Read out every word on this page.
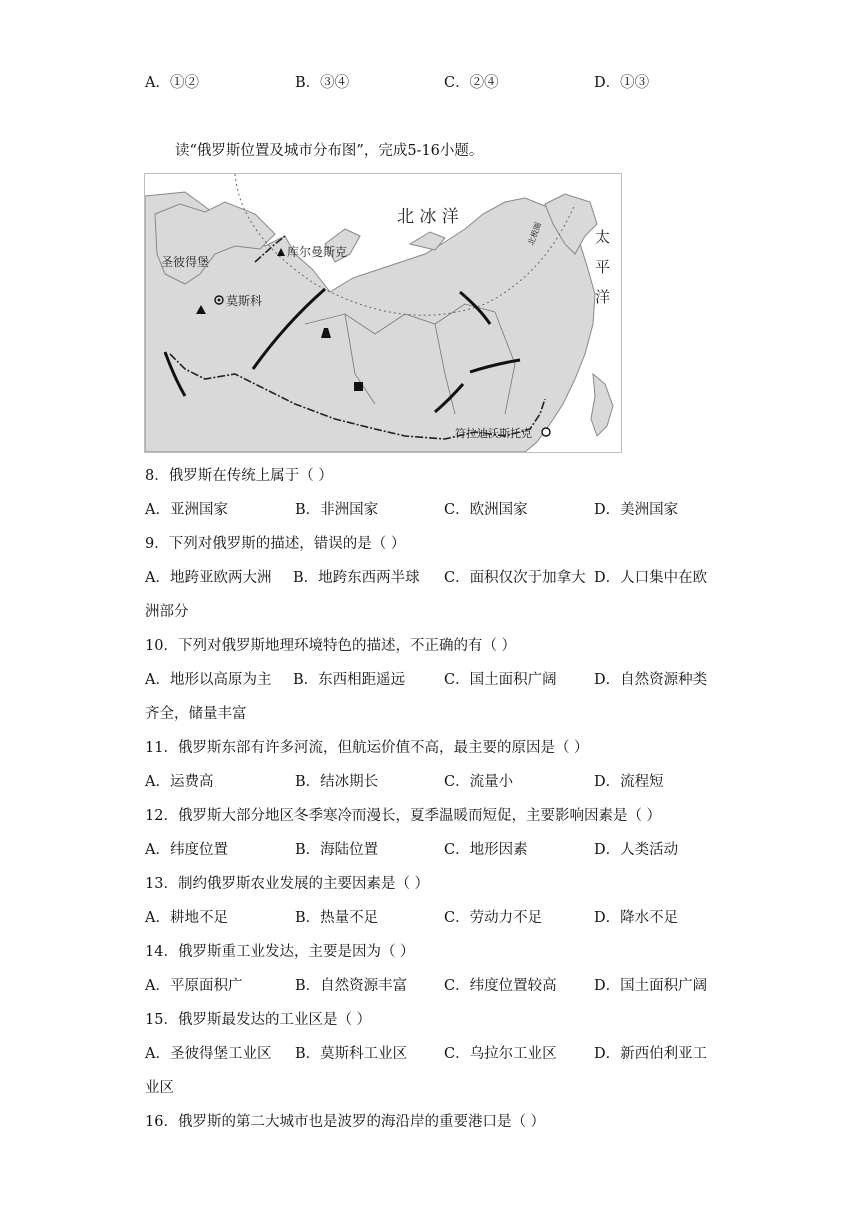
A．①②	B．③④	C．②④	D．①③
读“俄罗斯位置及城市分布图”，完成5-16小题。
北 冰 洋
太
平
洋
北极圈
库尔曼斯克
圣彼得堡
莫斯科
符拉迪沃斯托克
8．俄罗斯在传统上属于（ ）
A．亚洲国家	B．非洲国家	C．欧洲国家	D．美洲国家
9．下列对俄罗斯的描述，错误的是（ ）
A．地跨亚欧两大洲 B．地跨东西两半球 C．面积仅次于加拿大 D．人口集中在欧
洲部分
10．下列对俄罗斯地理环境特色的描述，不正确的有（ ）
A．地形以高原为主 B．东西相距遥远	C．国土面积广阔	D．自然资源种类
齐全，储量丰富
11．俄罗斯东部有许多河流，但航运价值不高，最主要的原因是（ ）
A．运费高	B．结冰期长	C．流量小	D．流程短
12．俄罗斯大部分地区冬季寒冷而漫长，夏季温暖而短促，主要影响因素是（ ）
A．纬度位置	B．海陆位置	C．地形因素	D．人类活动
13．制约俄罗斯农业发展的主要因素是（ ）
A．耕地不足	B．热量不足	C．劳动力不足	D．降水不足
14．俄罗斯重工业发达，主要是因为（ ）
A．平原面积广	B．自然资源丰富	C．纬度位置较高	D．国土面积广阔
15．俄罗斯最发达的工业区是（ ）
A．圣彼得堡工业区 B．莫斯科工业区	C．乌拉尔工业区	D．新西伯利亚工
业区
16．俄罗斯的第二大城市也是波罗的海沿岸的重要港口是（ ）
